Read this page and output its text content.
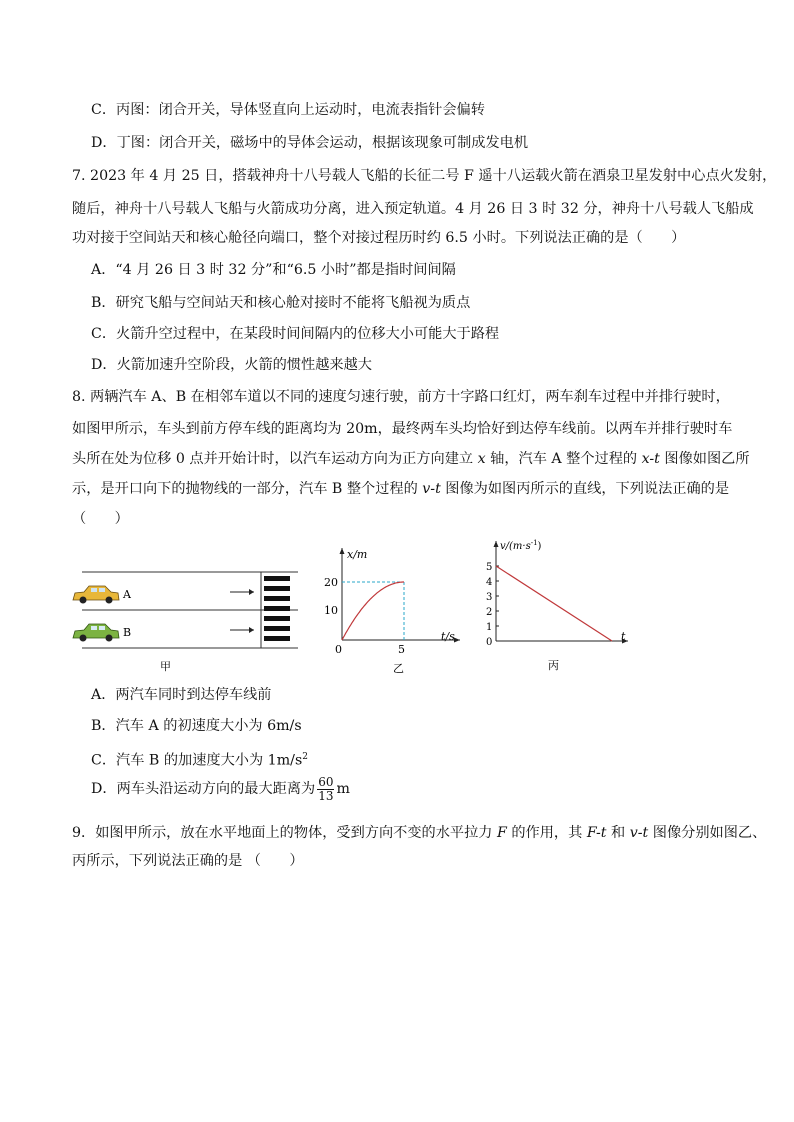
C．丙图：闭合开关，导体竖直向上运动时，电流表指针会偏转
D．丁图：闭合开关，磁场中的导体会运动，根据该现象可制成发电机
7. 2023 年 4 月 25 日，搭载神舟十八号载人飞船的长征二号 F 遥十八运载火箭在酒泉卫星发射中心点火发射，
随后，神舟十八号载人飞船与火箭成功分离，进入预定轨道。4 月 26 日 3 时 32 分，神舟十八号载人飞船成
功对接于空间站天和核心舱径向端口，整个对接过程历时约 6.5 小时。下列说法正确的是（　　）
A．“4 月 26 日 3 时 32 分”和“6.5 小时”都是指时间间隔
B．研究飞船与空间站天和核心舱对接时不能将飞船视为质点
C．火箭升空过程中，在某段时间间隔内的位移大小可能大于路程
D．火箭加速升空阶段，火箭的惯性越来越大
8. 两辆汽车 A、B 在相邻车道以不同的速度匀速行驶，前方十字路口红灯，两车刹车过程中并排行驶时，
如图甲所示，车头到前方停车线的距离均为 20m，最终两车头均恰好到达停车线前。以两车并排行驶时车
头所在处为位移 0 点并开始计时，以汽车运动方向为正方向建立 x 轴，汽车 A 整个过程的 x-t 图像如图乙所
示，是开口向下的抛物线的一部分，汽车 B 整个过程的 v-t 图像为如图丙所示的直线，下列说法正确的是
（　　）
A
B
甲
x/m
t/s
20
10
0	5
乙
$v/(m\cdot s^{-1})$
t
5
4
3
2
1
0
丙
A．两汽车同时到达停车线前
B．汽车 A 的初速度大小为 6m/s
C．汽车 B 的加速度大小为 $1m/s^2$
D．两车头沿运动方向的最大距离为 $\frac{60}{13}$ m
9．如图甲所示，放在水平地面上的物体，受到方向不变的水平拉力 F 的作用，其 F-t 和 v-t 图像分别如图乙、
丙所示，下列说法正确的是 （　　）
